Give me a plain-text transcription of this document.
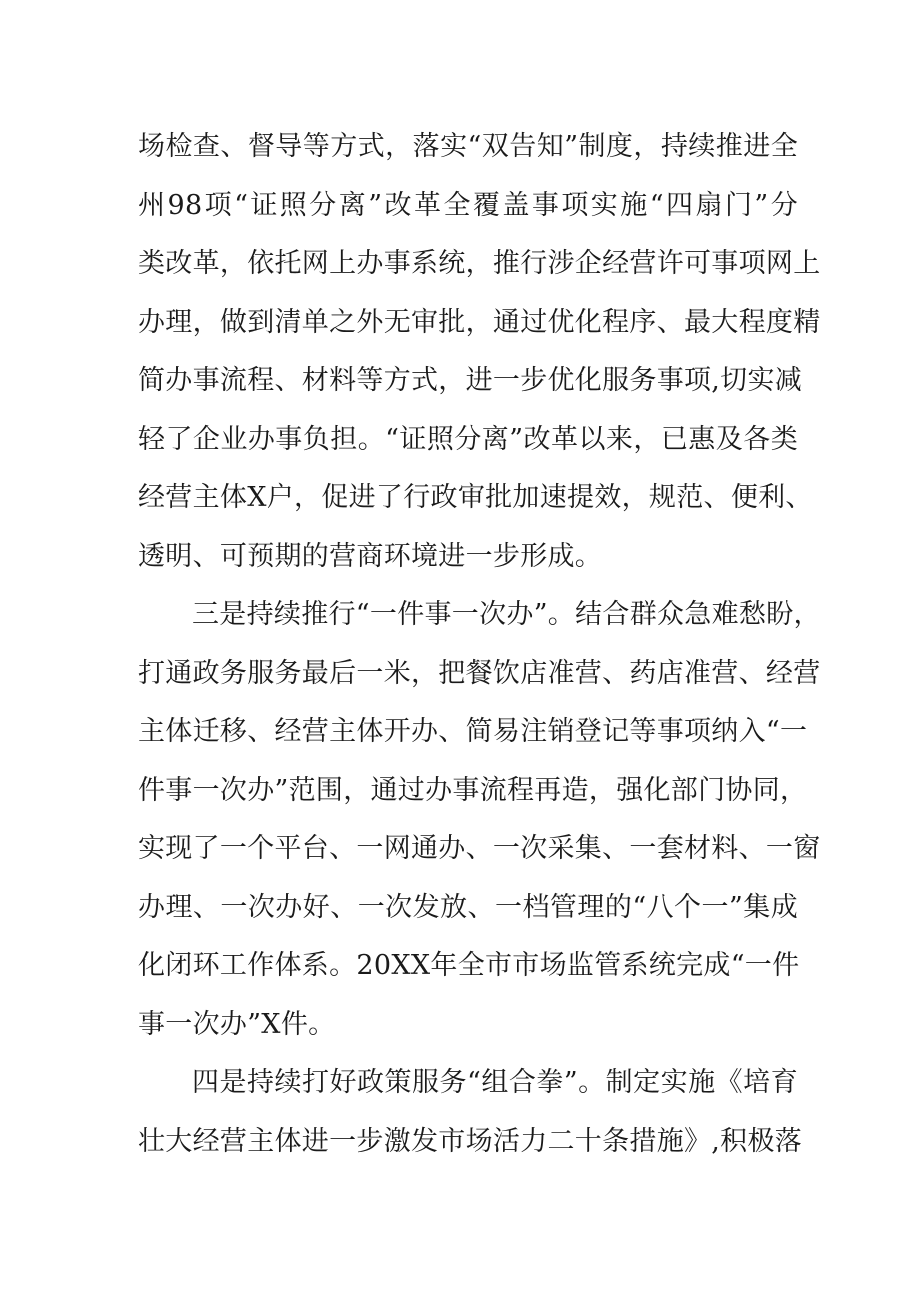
场检查、督导等方式，落实“双告知”制度，持续推进全
州98项“证照分离”改革全覆盖事项实施“四扇门”分
类改革，依托网上办事系统，推行涉企经营许可事项网上
办理，做到清单之外无审批，通过优化程序、最大程度精
简办事流程、材料等方式，进一步优化服务事项,切实减
轻了企业办事负担。“证照分离”改革以来，已惠及各类
经营主体X户，促进了行政审批加速提效，规范、便利、
透明、可预期的营商环境进一步形成。
三是持续推行“一件事一次办”。结合群众急难愁盼，
打通政务服务最后一米，把餐饮店准营、药店准营、经营
主体迁移、经营主体开办、简易注销登记等事项纳入“一
件事一次办”范围，通过办事流程再造，强化部门协同，
实现了一个平台、一网通办、一次采集、一套材料、一窗
办理、一次办好、一次发放、一档管理的“八个一”集成
化闭环工作体系。20XX年全市市场监管系统完成“一件
事一次办”X件。
四是持续打好政策服务“组合拳”。制定实施《培育
壮大经营主体进一步激发市场活力二十条措施》,积极落
